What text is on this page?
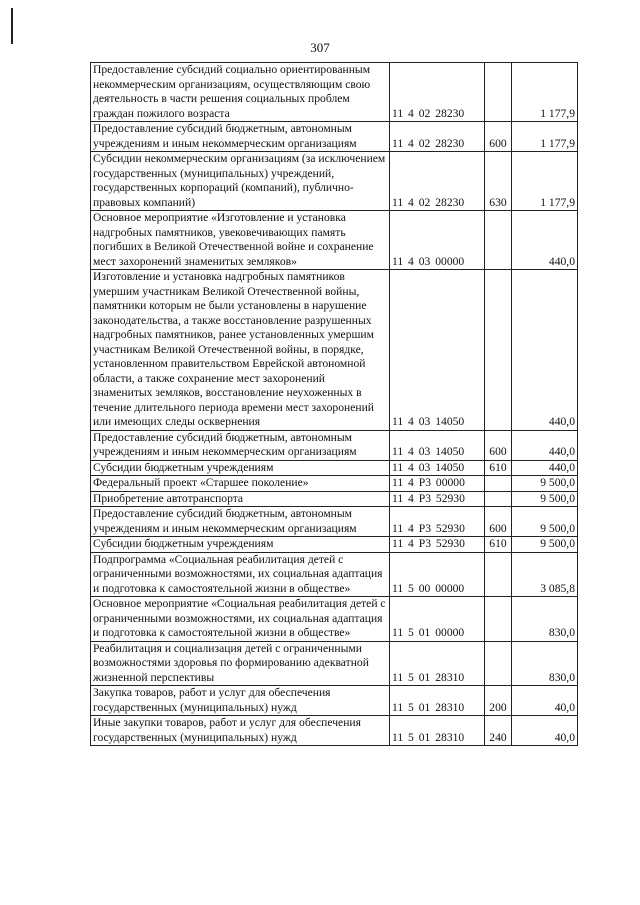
307
Предоставление субсидий социально ориентированным некоммерческим организациям, осуществляющим свою деятельность в части решения социальных проблем граждан пожилого возраста	11 4 02 28230		1 177,9
Предоставление субсидий бюджетным, автономным учреждениям и иным некоммерческим организациям	11 4 02 28230	600	1 177,9
Субсидии некоммерческим организациям (за исключением государственных (муниципальных) учреждений, государственных корпораций (компаний), публично-правовых компаний)	11 4 02 28230	630	1 177,9
Основное мероприятие «Изготовление и установка надгробных памятников, увековечивающих память погибших в Великой Отечественной войне и сохранение мест захоронений знаменитых земляков»	11 4 03 00000		440,0
Изготовление и установка надгробных памятников умершим участникам Великой Отечественной войны, памятники которым не были установлены в нарушение законодательства, а также восстановление разрушенных надгробных памятников, ранее установленных умершим участникам Великой Отечественной войны, в порядке, установленном правительством Еврейской автономной области, а также сохранение мест захоронений знаменитых земляков, восстановление неухоженных в течение длительного периода времени мест захоронений или имеющих следы осквернения	11 4 03 14050		440,0
Предоставление субсидий бюджетным, автономным учреждениям и иным некоммерческим организациям	11 4 03 14050	600	440,0
Субсидии бюджетным учреждениям	11 4 03 14050	610	440,0
Федеральный проект «Старшее поколение»	11 4 P3 00000		9 500,0
Приобретение автотранспорта	11 4 P3 52930		9 500,0
Предоставление субсидий бюджетным, автономным учреждениям и иным некоммерческим организациям	11 4 P3 52930	600	9 500,0
Субсидии бюджетным учреждениям	11 4 P3 52930	610	9 500,0
Подпрограмма «Социальная реабилитация детей с ограниченными возможностями, их социальная адаптация и подготовка к самостоятельной жизни в обществе»	11 5 00 00000		3 085,8
Основное мероприятие «Социальная реабилитация детей с ограниченными возможностями, их социальная адаптация и подготовка к самостоятельной жизни в обществе»	11 5 01 00000		830,0
Реабилитация и социализация детей с ограниченными возможностями здоровья по формированию адекватной жизненной перспективы	11 5 01 28310		830,0
Закупка товаров, работ и услуг для обеспечения государственных (муниципальных) нужд	11 5 01 28310	200	40,0
Иные закупки товаров, работ и услуг для обеспечения государственных (муниципальных) нужд	11 5 01 28310	240	40,0
